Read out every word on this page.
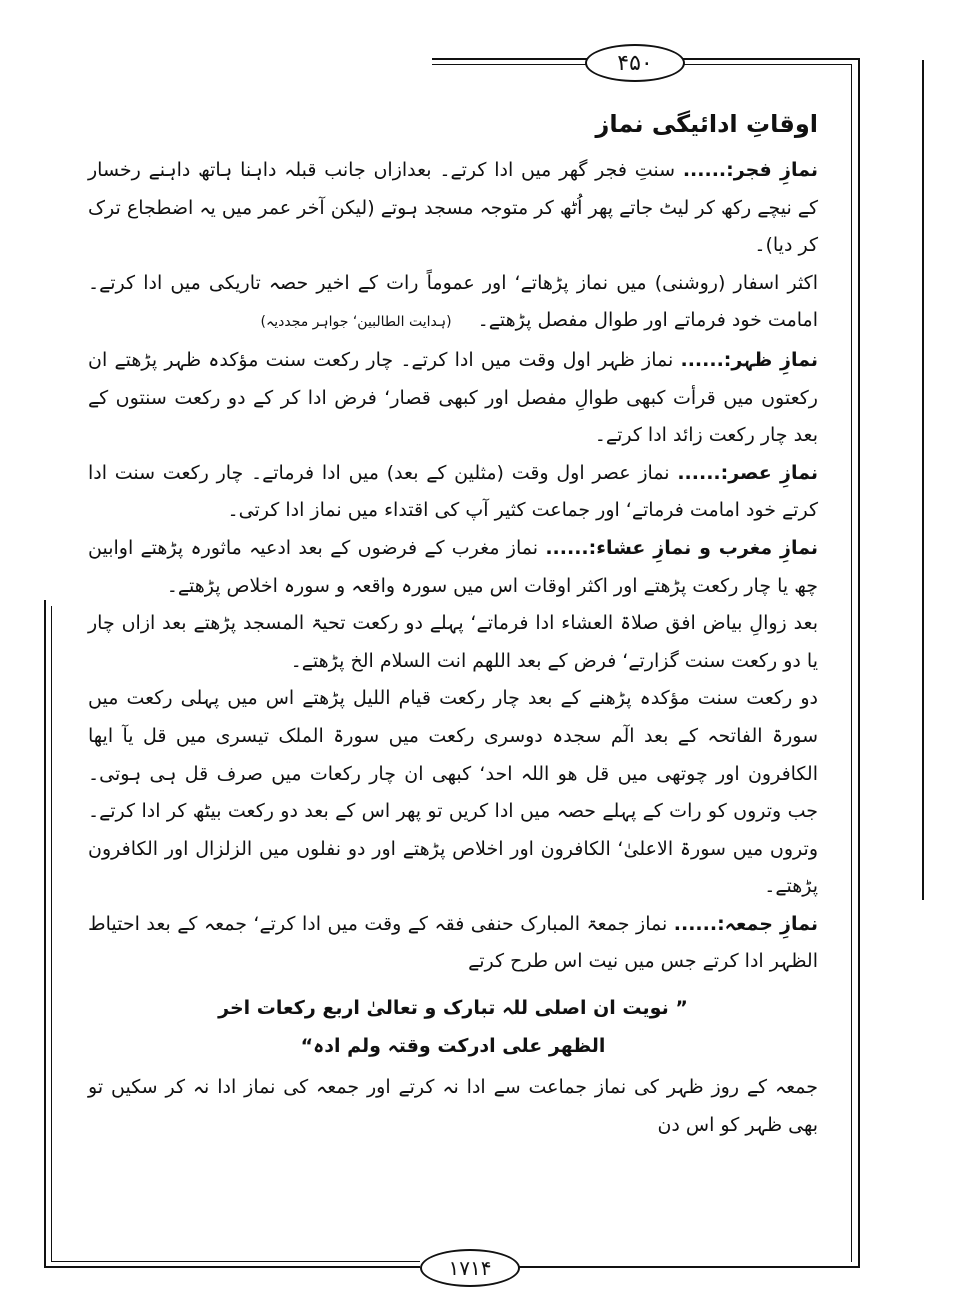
۴۵۰
۱۷۱۴

اوقاتِ ادائیگی نماز

نمازِ فجر:...... سنتِ فجر گھر میں ادا کرتے۔ بعدازاں جانب قبلہ داہنا ہاتھ داہنے رخسار کے نیچے رکھ کر لیٹ جاتے پھر اُٹھ کر متوجہ مسجد ہوتے (لیکن آخر عمر میں یہ اضطجاع ترک کر دیا)۔

اکثر اسفار (روشنی) میں نماز پڑھاتے‘ اور عموماً رات کے اخیر حصہ تاریکی میں ادا کرتے۔ امامت خود فرماتے اور طوال مفصل پڑھتے۔ (ہدایت الطالبین‘ جواہر مجددیہ)

نمازِ ظہر:...... نماز ظہر اول وقت میں ادا کرتے۔ چار رکعت سنت مؤکدہ ظہر پڑھتے ان رکعتوں میں قرأت کبھی طوالِ مفصل اور کبھی قصار‘ فرض ادا کر کے دو رکعت سنتوں کے بعد چار رکعت زائد ادا کرتے۔

نمازِ عصر:...... نماز عصر اول وقت (مثلین کے بعد) میں ادا فرماتے۔ چار رکعت سنت ادا کرتے خود امامت فرماتے‘ اور جماعت کثیر آپ کی اقتداء میں نماز ادا کرتی۔

نمازِ مغرب و نمازِ عشاء:...... نماز مغرب کے فرضوں کے بعد ادعیہ ماثورہ پڑھتے اوابین چھ یا چار رکعت پڑھتے اور اکثر اوقات اس میں سورہ واقعہ و سورہ اخلاص پڑھتے۔

بعد زوالِ بیاض افق صلاۃ العشاء ادا فرماتے‘ پہلے دو رکعت تحیۃ المسجد پڑھتے بعد ازاں چار یا دو رکعت سنت گزارتے‘ فرض کے بعد اللھم انت السلام الخ پڑھتے۔

دو رکعت سنت مؤکدہ پڑھنے کے بعد چار رکعت قیام اللیل پڑھتے اس میں پہلی رکعت میں سورۃ الفاتحہ کے بعد الٓم سجدہ دوسری رکعت میں سورۃ الملک تیسری میں قل یآ ایھا الکافرون اور چوتھی میں قل ھو اللہ احد‘ کبھی ان چار رکعات میں صرف قل ہی ہوتی۔ جب وتروں کو رات کے پہلے حصہ میں ادا کریں تو پھر اس کے بعد دو رکعت بیٹھ کر ادا کرتے۔ وتروں میں سورۃ الاعلیٰ‘ الکافرون اور اخلاص پڑھتے اور دو نفلوں میں الزلزال اور الکافرون پڑھتے۔

نمازِ جمعہ:...... نماز جمعۃ المبارک حنفی فقہ کے وقت میں ادا کرتے‘ جمعہ کے بعد احتیاط الظہر ادا کرتے جس میں نیت اس طرح کرتے

” نویت ان اصلی للہ تبارک و تعالیٰ اربع رکعات اخر
الظھر علی ادرکت وقتہ ولم ادہ“

جمعہ کے روز ظہر کی نماز جماعت سے ادا نہ کرتے اور جمعہ کی نماز ادا نہ کر سکیں تو بھی ظہر کو اس دن
